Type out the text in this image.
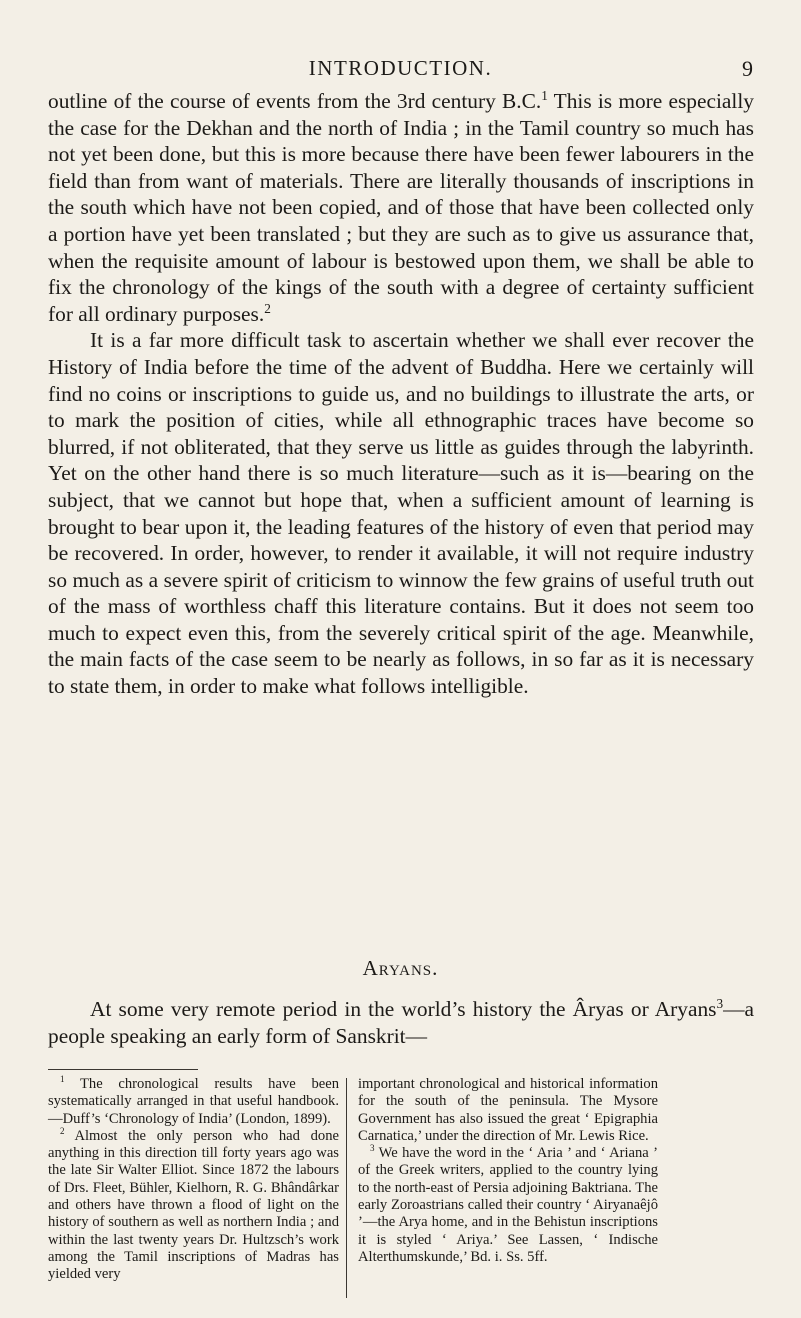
INTRODUCTION.	9

outline of the course of events from the 3rd century B.C.$^1$ This is more especially the case for the Dekhan and the north of India ; in the Tamil country so much has not yet been done, but this is more because there have been fewer labourers in the field than from want of materials. There are literally thousands of inscriptions in the south which have not been copied, and of those that have been collected only a portion have yet been translated ; but they are such as to give us assurance that, when the requisite amount of labour is bestowed upon them, we shall be able to fix the chronology of the kings of the south with a degree of certainty sufficient for all ordinary purposes.$^2$

It is a far more difficult task to ascertain whether we shall ever recover the History of India before the time of the advent of Buddha. Here we certainly will find no coins or inscriptions to guide us, and no buildings to illustrate the arts, or to mark the position of cities, while all ethnographic traces have become so blurred, if not obliterated, that they serve us little as guides through the labyrinth. Yet on the other hand there is so much literature—such as it is—bearing on the subject, that we cannot but hope that, when a sufficient amount of learning is brought to bear upon it, the leading features of the history of even that period may be recovered. In order, however, to render it available, it will not require industry so much as a severe spirit of criticism to winnow the few grains of useful truth out of the mass of worthless chaff this literature contains. But it does not seem too much to expect even this, from the severely critical spirit of the age. Meanwhile, the main facts of the case seem to be nearly as follows, in so far as it is necessary to state them, in order to make what follows intelligible.

Aryans.

At some very remote period in the world’s history the Âryas or Aryans$^3$—a people speaking an early form of Sanskrit—

$^1$ The chronological results have been systematically arranged in that useful handbook.—Duff’s ‘Chronology of India’ (London, 1899).

$^2$ Almost the only person who had done anything in this direction till forty years ago was the late Sir Walter Elliot. Since 1872 the labours of Drs. Fleet, Bühler, Kielhorn, R. G. Bhândârkar and others have thrown a flood of light on the history of southern as well as northern India ; and within the last twenty years Dr. Hultzsch’s work among the Tamil inscriptions of Madras has yielded very

important chronological and historical information for the south of the peninsula. The Mysore Government has also issued the great ‘ Epigraphia Carnatica,’ under the direction of Mr. Lewis Rice.

$^3$ We have the word in the ‘ Aria ’ and ‘ Ariana ’ of the Greek writers, applied to the country lying to the north-east of Persia adjoining Baktriana. The early Zoroastrians called their country ‘ Airyanaêjô ’—the Arya home, and in the Behistun inscriptions it is styled ‘ Ariya.’ See Lassen, ‘ Indische Alterthumskunde,’ Bd. i. Ss. 5ff.
